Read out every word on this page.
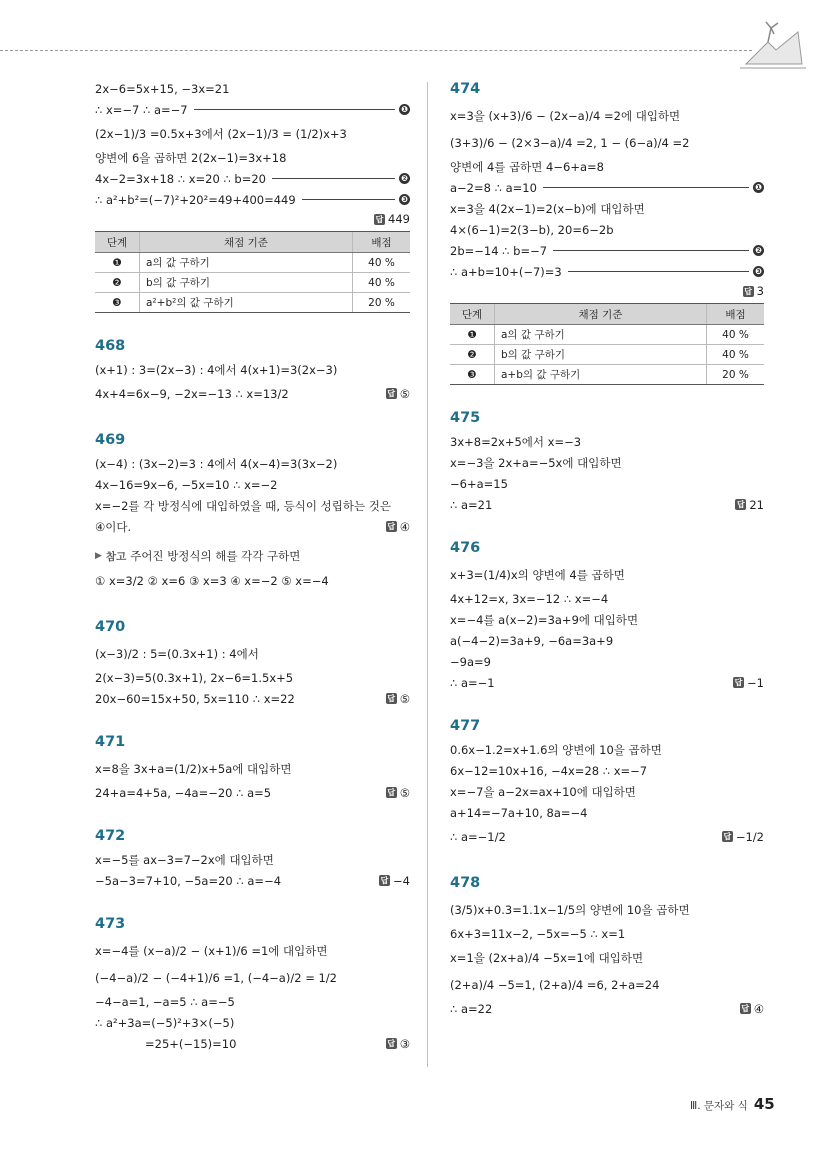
2x−6=5x+15, −3x=21
∴ x=−7 ∴ a=−7	❶
(2x−1)/3 =0.5x+3에서 (2x−1)/3 = (1/2)x+3
양변에 6을 곱하면 2(2x−1)=3x+18
4x−2=3x+18 ∴ x=20 ∴ b=20	❷
∴ a²+b²=(−7)²+20²=49+400=449	❸
답 449
단계	채점 기준	배점
❶	a의 값 구하기	40 %
❷	b의 값 구하기	40 %
❸	a²+b²의 값 구하기	20 %
468
(x+1) : 3=(2x−3) : 4에서 4(x+1)=3(2x−3)
4x+4=6x−9, −2x=−13 ∴ x=13/2	답 ⑤
469
(x−4) : (3x−2)=3 : 4에서 4(x−4)=3(3x−2)
4x−16=9x−6, −5x=10 ∴ x=−2
x=−2를 각 방정식에 대입하였을 때, 등식이 성립하는 것은
④이다.	답 ④
▶ 참고 주어진 방정식의 해를 각각 구하면
① x=3/2 ② x=6 ③ x=3 ④ x=−2 ⑤ x=−4
470
(x−3)/2 : 5=(0.3x+1) : 4에서
2(x−3)=5(0.3x+1), 2x−6=1.5x+5
20x−60=15x+50, 5x=110 ∴ x=22	답 ⑤
471
x=8을 3x+a=(1/2)x+5a에 대입하면
24+a=4+5a, −4a=−20 ∴ a=5	답 ⑤
472
x=−5를 ax−3=7−2x에 대입하면
−5a−3=7+10, −5a=20 ∴ a=−4	답 −4
473
x=−4를 (x−a)/2 − (x+1)/6 =1에 대입하면
(−4−a)/2 − (−4+1)/6 =1, (−4−a)/2 = 1/2
−4−a=1, −a=5 ∴ a=−5
∴ a²+3a=(−5)²+3×(−5)
=25+(−15)=10	답 ③
474
x=3을 (x+3)/6 − (2x−a)/4 =2에 대입하면
(3+3)/6 − (2×3−a)/4 =2, 1 − (6−a)/4 =2
양변에 4를 곱하면 4−6+a=8
a−2=8 ∴ a=10	❶
x=3을 4(2x−1)=2(x−b)에 대입하면
4×(6−1)=2(3−b), 20=6−2b
2b=−14 ∴ b=−7	❷
∴ a+b=10+(−7)=3	❸
답 3
단계	채점 기준	배점
❶	a의 값 구하기	40 %
❷	b의 값 구하기	40 %
❸	a+b의 값 구하기	20 %
475
3x+8=2x+5에서 x=−3
x=−3을 2x+a=−5x에 대입하면
−6+a=15
∴ a=21	답 21
476
x+3=(1/4)x의 양변에 4를 곱하면
4x+12=x, 3x=−12 ∴ x=−4
x=−4를 a(x−2)=3a+9에 대입하면
a(−4−2)=3a+9, −6a=3a+9
−9a=9
∴ a=−1	답 −1
477
0.6x−1.2=x+1.6의 양변에 10을 곱하면
6x−12=10x+16, −4x=28 ∴ x=−7
x=−7을 a−2x=ax+10에 대입하면
a+14=−7a+10, 8a=−4
∴ a=−1/2	답 −1/2
478
(3/5)x+0.3=1.1x−1/5의 양변에 10을 곱하면
6x+3=11x−2, −5x=−5 ∴ x=1
x=1을 (2x+a)/4 −5x=1에 대입하면
(2+a)/4 −5=1, (2+a)/4 =6, 2+a=24
∴ a=22	답 ④
Ⅲ. 문자와 식 45
